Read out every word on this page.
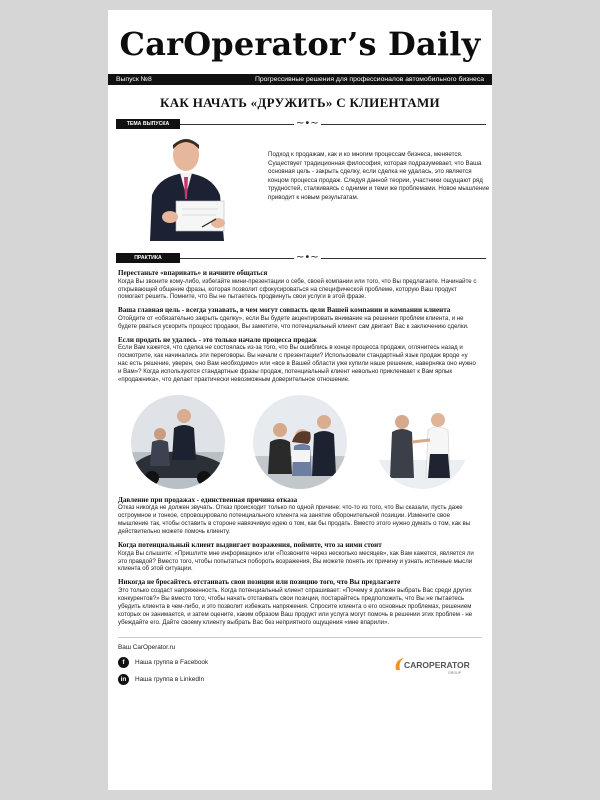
CarOperator’s Daily
Выпуск №8	Прогрессивные решения для профессионалов автомобильного бизнеса
КАК НАЧАТЬ «ДРУЖИТЬ» С КЛИЕНТАМИ
ТЕМА ВЫПУСКА	~•~
Подход к продажам, как и ко многим процессам бизнеса, меняется. Существует традиционная философия, которая подразумевает, что Ваша основная цель - закрыть сделку, если сделка не удалась, это является концом процесса продаж. Следуя данной теории, участники ощущают ряд трудностей, сталкиваясь с одними и теми же проблемами. Новое мышление приводит к новым результатам.
ПРАКТИКА	~•~
Перестаньте «впаривать» и начните общаться

Когда Вы звоните кому-либо, избегайте мини-презентации о себе, своей компании или того, что Вы предлагаете. Начинайте с открывающей общение фразы, которая позволит сфокусироваться на специфической проблеме, которую Ваш продукт помогает решить. Помните, что Вы не пытаетесь продвинуть свои услуги в этой фразе.

Ваша главная цель - всегда узнавать, в чем могут совпасть цели Вашей компании и компании клиента

Отойдите от «обязательно закрыть сделку», если Вы будете акцентировать внимание на решении проблем клиента, и не будете рваться ускорить процесс продажи, Вы заметите, что потенциальный клиент сам двигает Вас к заключению сделки.

Если продать не удалось - это только начало процесса продаж

Если Вам кажется, что сделка не состоялась из-за того, что Вы ошиблись в конце процесса продажи, оглянитесь назад и посмотрите, как начинались эти переговоры. Вы начали с презентации? Использовали стандартный язык продаж вроде «у нас есть решение, уверен, оно Вам необходимо» или «все в Вашей области уже купили наше решение, наверняка оно нужно и Вам»? Когда используются стандартные фразы продаж, потенциальный клиент невольно прикленвает к Вам ярлык «продажника», что делает практически невозможным доверительное отношение.

Давление при продажах - единственная причина отказа

Отказ никогда не должен звучать. Отказ происходит только по одной причине: что-то из того, что Вы сказали, пусть даже остроумное и тонкое, спровоцировало потенциального клиента на занятие оборонительной позиции. Измените свое мышление так, чтобы оставить в стороне навязчивую идею о том, как бы продать. Вместо этого нужно думать о том, как вы действительно можете помочь клиенту.

Когда потенциальный клиент выдвигает возражения, поймите, что за ними стоит

Когда Вы слышите: «Пришлите мне информацию» или «Позвоните через несколько месяцев», как Вам кажется, является ли это правдой? Вместо того, чтобы попытаться побороть возражения, Вы можете понять их причину и узнать истинные мысли клиента об этой ситуации.

Никогда не бросайтесь отстаивать свои позиции или позицию того, что Вы предлагаете

Это только создаст напряженность. Когда потенциальный клиент спрашивает: «Почему я должен выбрать Вас среди других конкурентов?» Вы вместо того, чтобы начать отстаивать свои позиции, постарайтесь предположить, что Вы не пытаетесь убедить клиента в чем-либо, и это позволит избежать напряжения. Спросите клиента о его основных проблемах, решением которых он занимается, и затем оцените, каким образом Ваш продукт или услуга могут помочь в решении этих проблем - не убеждайте его. Дайте своему клиенту выбрать Вас без неприятного ощущения «мне впарили».

Ваш CarOperator.ru
f	Наша группа в Facebook
in	Наша группа в LinkedIn
CAROPERATOR
GROUP
